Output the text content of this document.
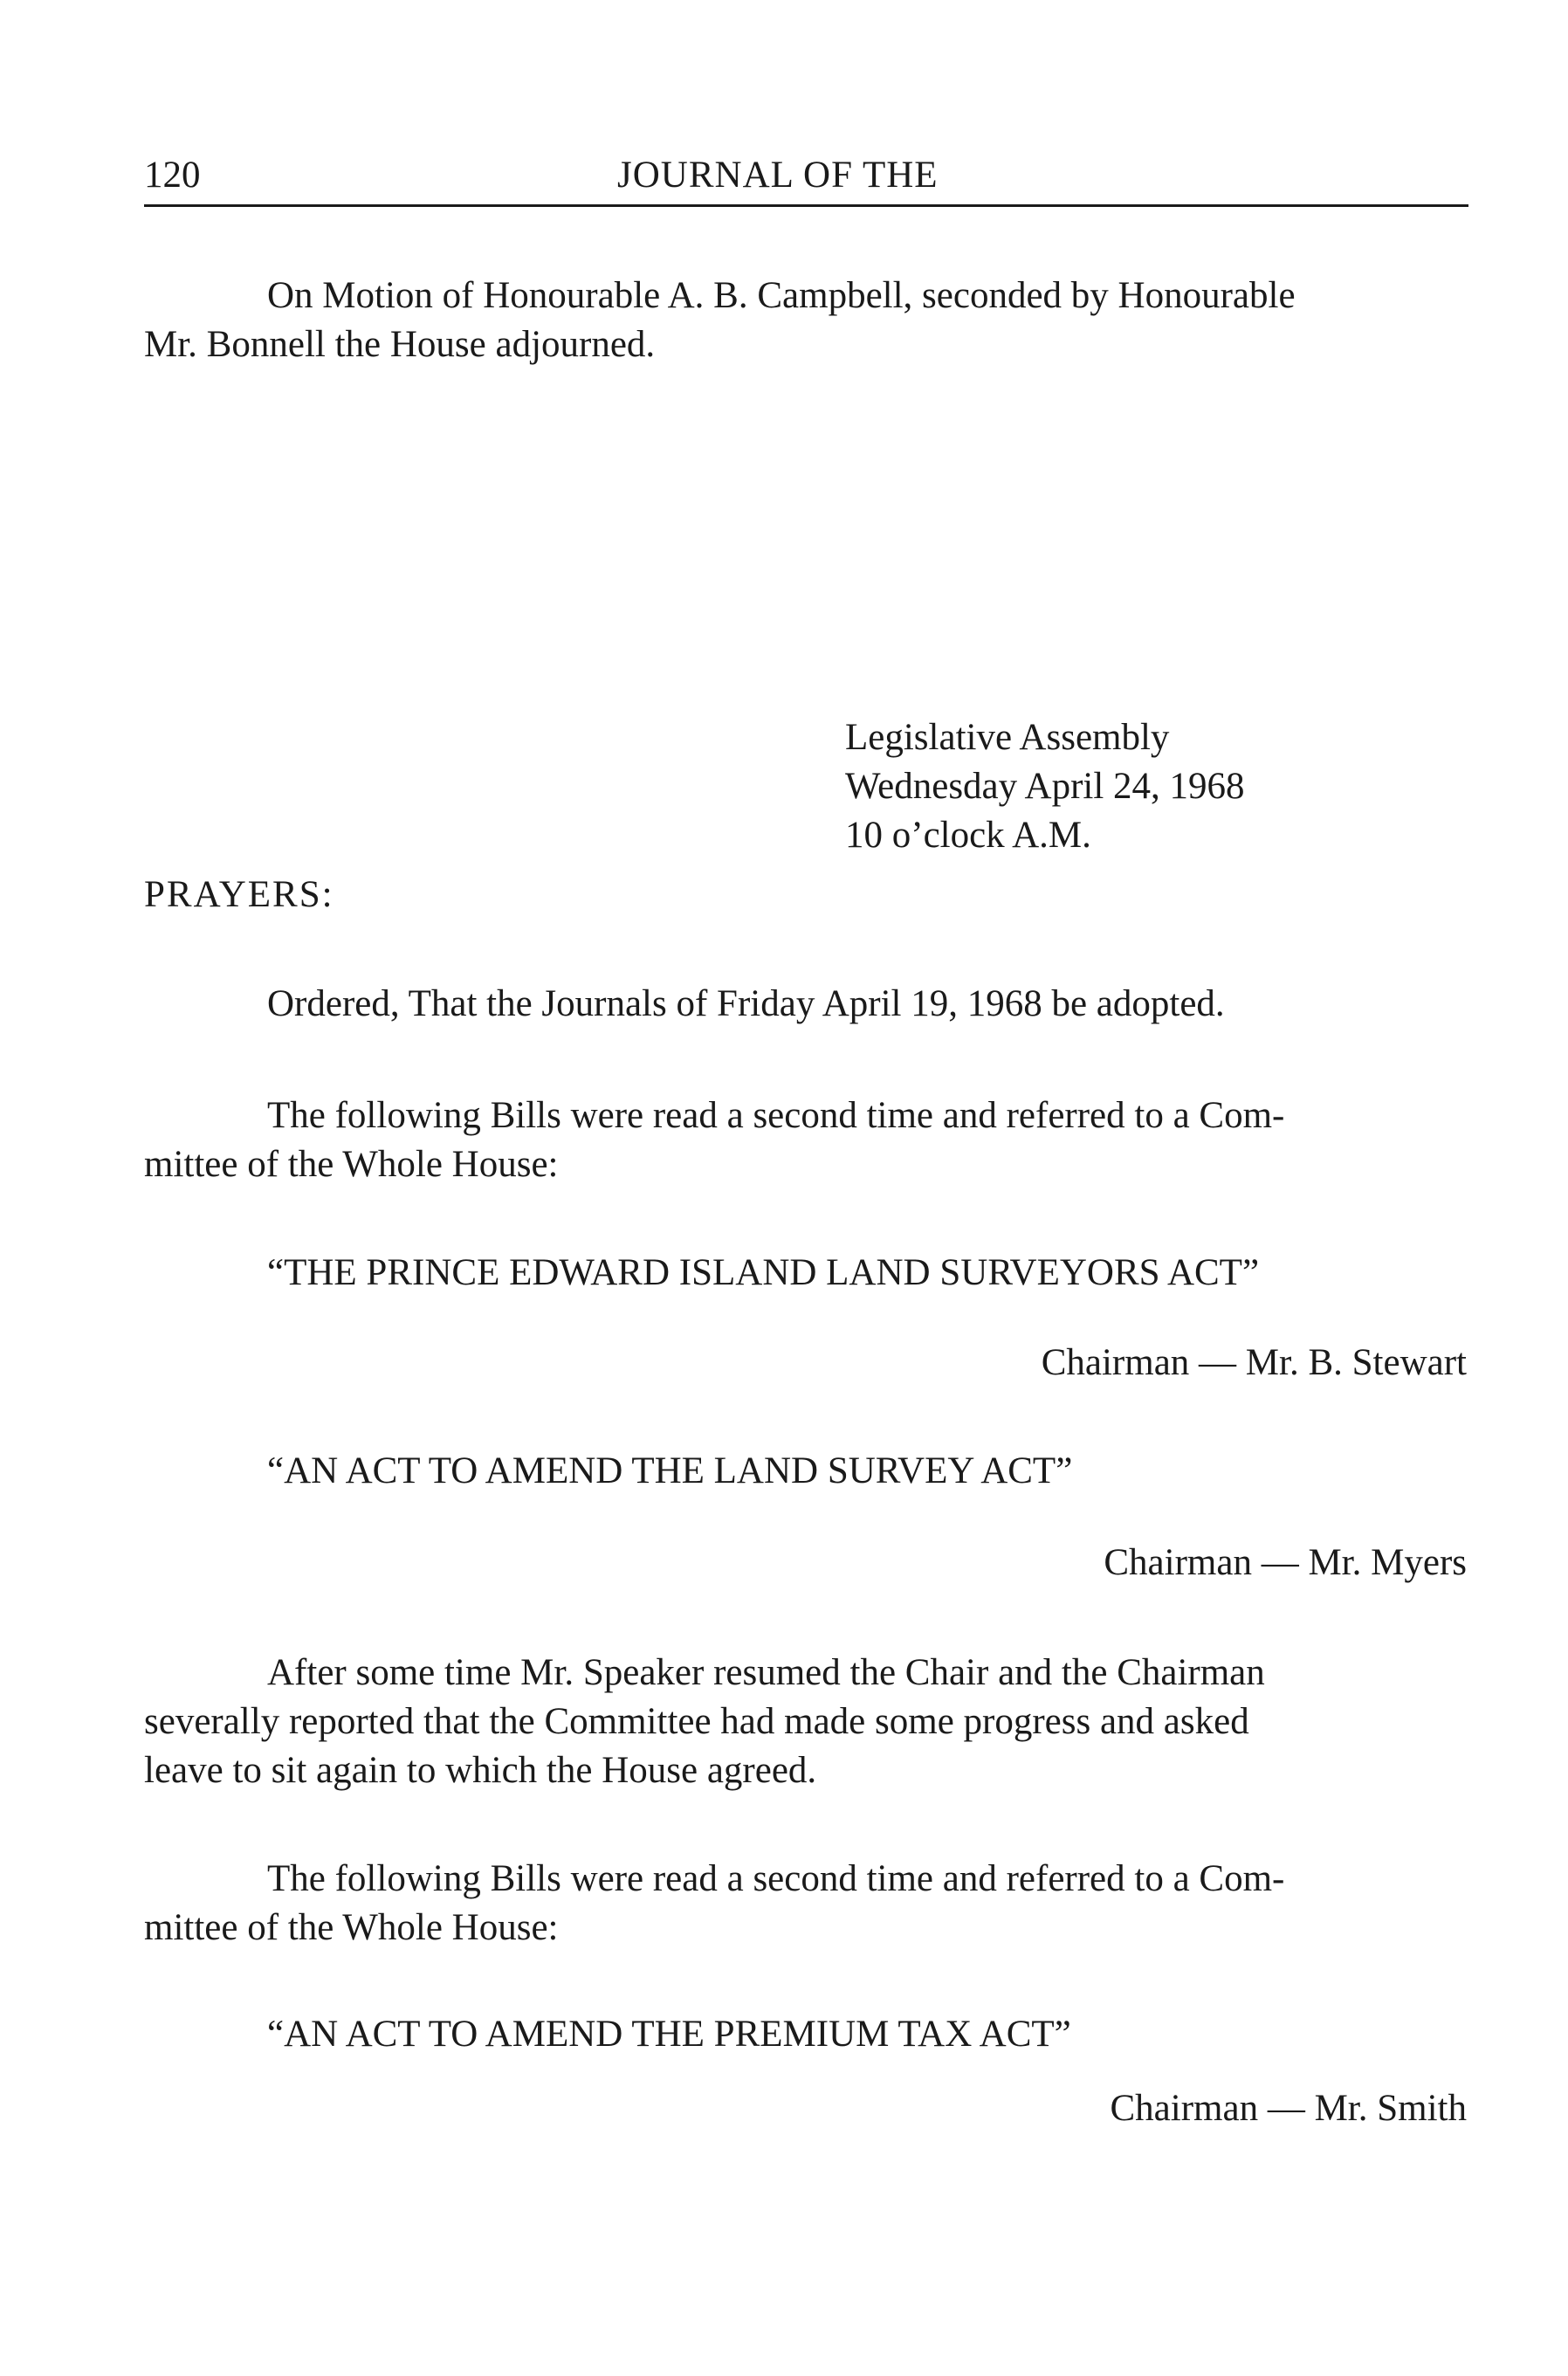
120	JOURNAL OF THE
On Motion of Honourable A. B. Campbell, seconded by Honourable
Mr. Bonnell the House adjourned.
Legislative Assembly
Wednesday April 24, 1968
10 o’clock A.M.
PRAYERS:
Ordered, That the Journals of Friday April 19, 1968 be adopted.
The following Bills were read a second time and referred to a Com-
mittee of the Whole House:
“THE PRINCE EDWARD ISLAND LAND SURVEYORS ACT”
Chairman — Mr. B. Stewart
“AN ACT TO AMEND THE LAND SURVEY ACT”
Chairman — Mr. Myers
After some time Mr. Speaker resumed the Chair and the Chairman
severally reported that the Committee had made some progress and asked
leave to sit again to which the House agreed.
The following Bills were read a second time and referred to a Com-
mittee of the Whole House:
“AN ACT TO AMEND THE PREMIUM TAX ACT”
Chairman — Mr. Smith
